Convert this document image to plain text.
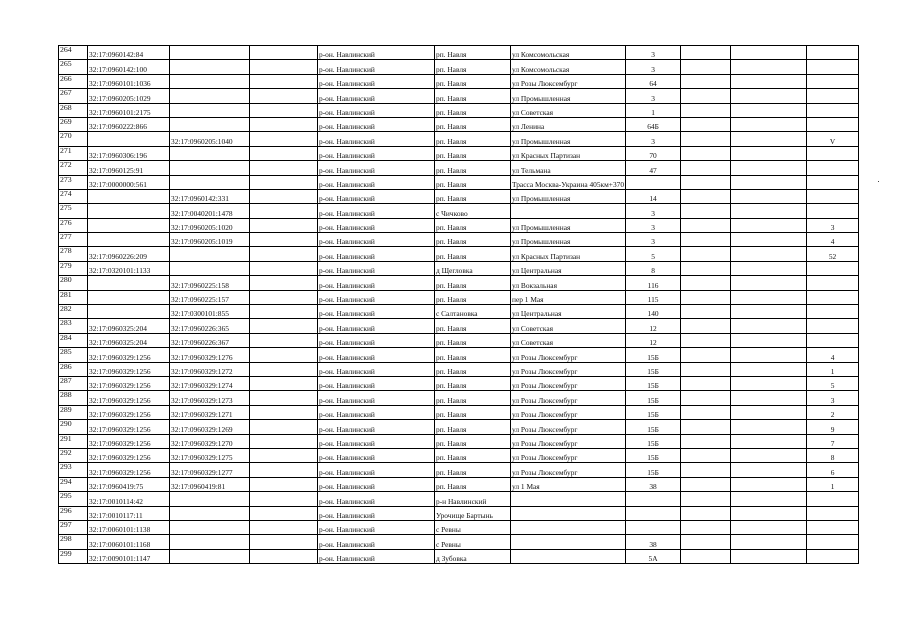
264	32:17:0960142:84			р-он. Навлинский	рп. Навля	ул Комсомольская	3			
265	32:17:0960142:100			р-он. Навлинский	рп. Навля	ул Комсомольская	3			
266	32:17:0960101:1036			р-он. Навлинский	рп. Навля	ул Розы Люксембург	64			
267	32:17:0960205:1029			р-он. Навлинский	рп. Навля	ул Промышленная	3			
268	32:17:0960101:2175			р-он. Навлинский	рп. Навля	ул Советская	1			
269	32:17:0960222:866			р-он. Навлинский	рп. Навля	ул Ленина	64Б			
270		32:17:0960205:1040		р-он. Навлинский	рп. Навля	ул Промышленная	3			V
271	32:17:0960306:196			р-он. Навлинский	рп. Навля	ул Красных Партизан	70			
272	32:17:0960125:91			р-он. Навлинский	рп. Навля	ул Тельмана	47			
273	32:17:0000000:561			р-он. Навлинский	рп. Навля	Трасса Москва-Украина 405км+370				
274		32:17:0960142:331		р-он. Навлинский	рп. Навля	ул Промышленная	14			
275		32:17:0040201:1478		р-он. Навлинский	с Чичково		3			
276		32:17:0960205:1020		р-он. Навлинский	рп. Навля	ул Промышленная	3			3
277		32:17:0960205:1019		р-он. Навлинский	рп. Навля	ул Промышленная	3			4
278	32:17:0960226:209			р-он. Навлинский	рп. Навля	ул Красных Партизан	5			52
279	32:17:0320101:1133			р-он. Навлинский	д Щегловка	ул Центральная	8			
280		32:17:0960225:158		р-он. Навлинский	рп. Навля	ул Вокзальная	116			
281		32:17:0960225:157		р-он. Навлинский	рп. Навля	пер 1 Мая	115			
282		32:17:0300101:855		р-он. Навлинский	с Салтановка	ул Центральная	140			
283	32:17:0960325:204	32:17:0960226:365		р-он. Навлинский	рп. Навля	ул Советская	12			
284	32:17:0960325:204	32:17:0960226:367		р-он. Навлинский	рп. Навля	ул Советская	12			
285	32:17:0960329:1256	32:17:0960329:1276		р-он. Навлинский	рп. Навля	ул Розы Люксембург	15Б			4
286	32:17:0960329:1256	32:17:0960329:1272		р-он. Навлинский	рп. Навля	ул Розы Люксембург	15Б			1
287	32:17:0960329:1256	32:17:0960329:1274		р-он. Навлинский	рп. Навля	ул Розы Люксембург	15Б			5
288	32:17:0960329:1256	32:17:0960329:1273		р-он. Навлинский	рп. Навля	ул Розы Люксембург	15Б			3
289	32:17:0960329:1256	32:17:0960329:1271		р-он. Навлинский	рп. Навля	ул Розы Люксембург	15Б			2
290	32:17:0960329:1256	32:17:0960329:1269		р-он. Навлинский	рп. Навля	ул Розы Люксембург	15Б			9
291	32:17:0960329:1256	32:17:0960329:1270		р-он. Навлинский	рп. Навля	ул Розы Люксембург	15Б			7
292	32:17:0960329:1256	32:17:0960329:1275		р-он. Навлинский	рп. Навля	ул Розы Люксембург	15Б			8
293	32:17:0960329:1256	32:17:0960329:1277		р-он. Навлинский	рп. Навля	ул Розы Люксембург	15Б			6
294	32:17:0960419:75	32:17:0960419:81		р-он. Навлинский	рп. Навля	ул 1 Мая	38			1
295	32:17:0010114:42			р-он. Навлинский	р-н Навлинский					
296	32:17:0010117:11			р-он. Навлинский	Урочище Бартынь					
297	32:17:0060101:1138			р-он. Навлинский	с Ревны					
298	32:17:0060101:1168			р-он. Навлинский	с Ревны		38			
299	32:17:0090101:1147			р-он. Навлинский	д Зубовка		5А			
